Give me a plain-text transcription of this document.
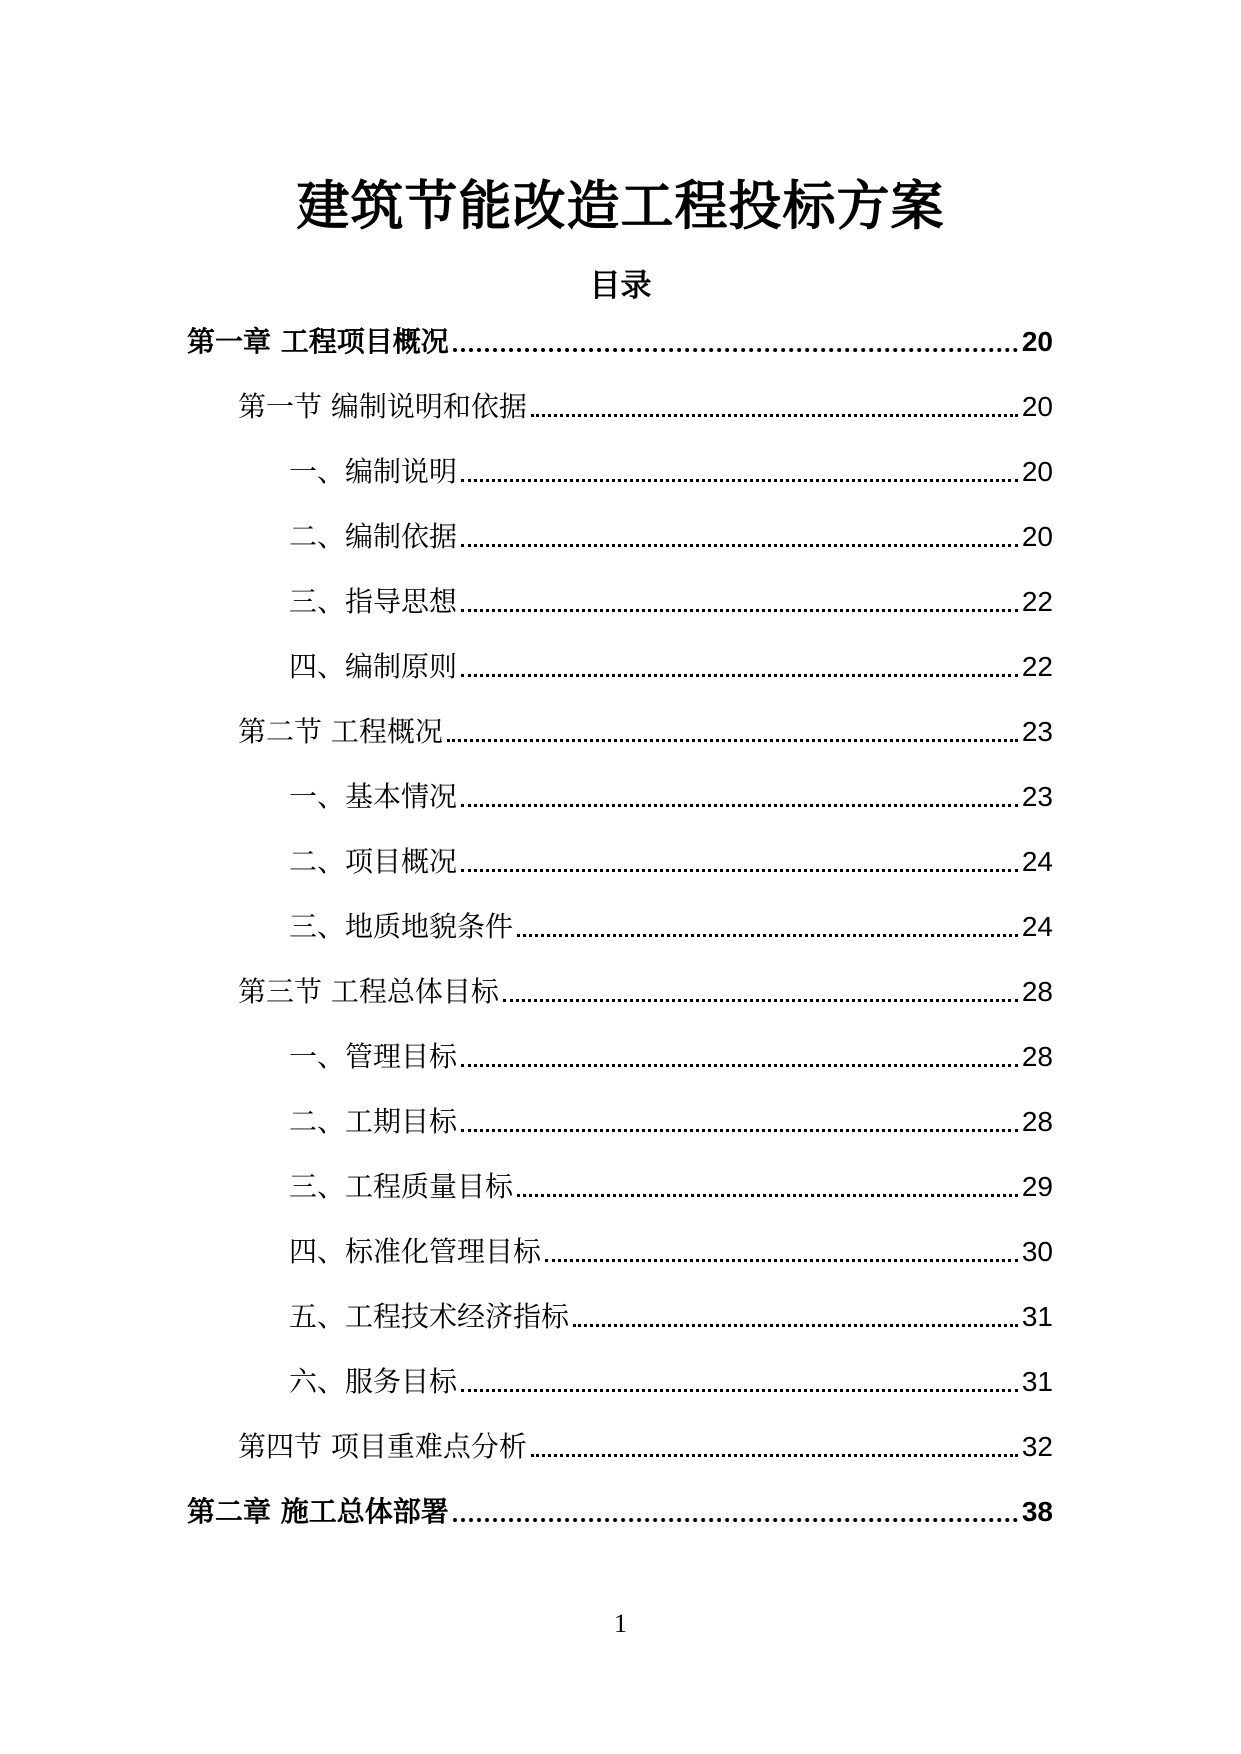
建筑节能改造工程投标方案
目录
第一章 工程项目概况	20
第一节 编制说明和依据	20
一、编制说明	20
二、编制依据	20
三、指导思想	22
四、编制原则	22
第二节 工程概况	23
一、基本情况	23
二、项目概况	24
三、地质地貌条件	24
第三节 工程总体目标	28
一、管理目标	28
二、工期目标	28
三、工程质量目标	29
四、标准化管理目标	30
五、工程技术经济指标	31
六、服务目标	31
第四节 项目重难点分析	32
第二章 施工总体部署	38
1
